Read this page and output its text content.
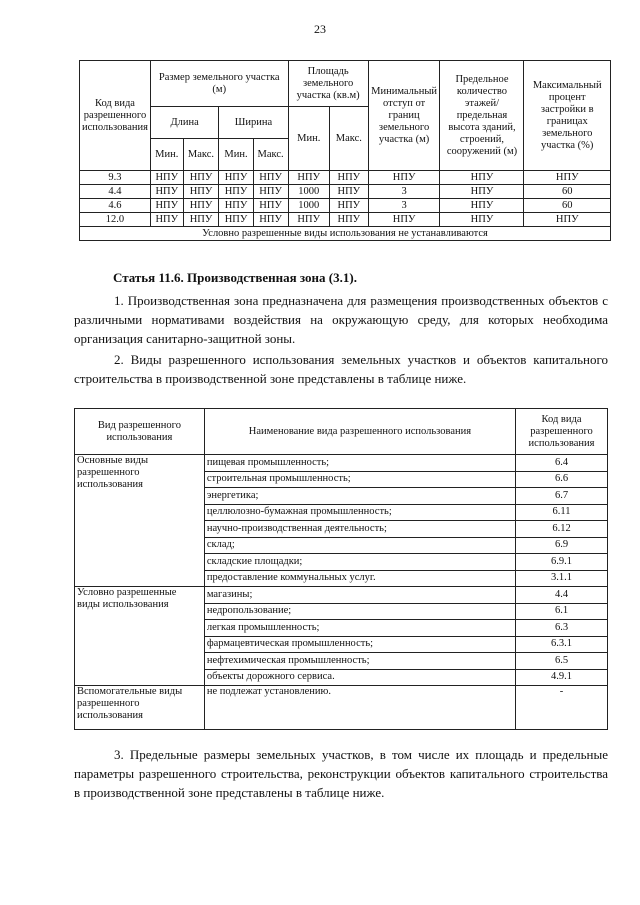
23
Код вида разрешенного использования	Размер земельного участка (м)				Площадь земельного участка (кв.м)		Минимальный отступ от границ земельного участка (м)	Предельное количество этажей/ предельная высота зданий, строений, сооружений (м)	Максимальный процент застройки в границах земельного участка (%)
	Длина		Ширина		Мин.	Макс.			
	Мин.	Макс.	Мин.	Макс.					
9.3	НПУ	НПУ	НПУ	НПУ	НПУ	НПУ	НПУ	НПУ	НПУ
4.4	НПУ	НПУ	НПУ	НПУ	1000	НПУ	3	НПУ	60
4.6	НПУ	НПУ	НПУ	НПУ	1000	НПУ	3	НПУ	60
12.0	НПУ	НПУ	НПУ	НПУ	НПУ	НПУ	НПУ	НПУ	НПУ
Условно разрешенные виды использования не устанавливаются									
Статья 11.6. Производственная зона (3.1).
1. Производственная зона предназначена для размещения производственных объектов с различными нормативами воздействия на окружающую среду, для которых необходима организация санитарно-защитной зоны.
2. Виды разрешенного использования земельных участков и объектов капитального строительства в производственной зоне представлены в таблице ниже.
Вид разрешенного использования	Наименование вида разрешенного использования	Код вида разрешенного использования
Основные виды разрешенного использования	пищевая промышленность;	6.4
	строительная промышленность;	6.6
	энергетика;	6.7
	целлюлозно-бумажная промышленность;	6.11
	научно-производственная деятельность;	6.12
	склад;	6.9
	складские площадки;	6.9.1
	предоставление коммунальных услуг.	3.1.1
Условно разрешенные виды использования	магазины;	4.4
	недропользование;	6.1
	легкая промышленность;	6.3
	фармацевтическая промышленность;	6.3.1
	нефтехимическая промышленность;	6.5
	объекты дорожного сервиса.	4.9.1
Вспомогательные виды разрешенного использования	не подлежат установлению.	-
3. Предельные размеры земельных участков, в том числе их площадь и предельные параметры разрешенного строительства, реконструкции объектов капитального строительства в производственной зоне представлены в таблице ниже.
